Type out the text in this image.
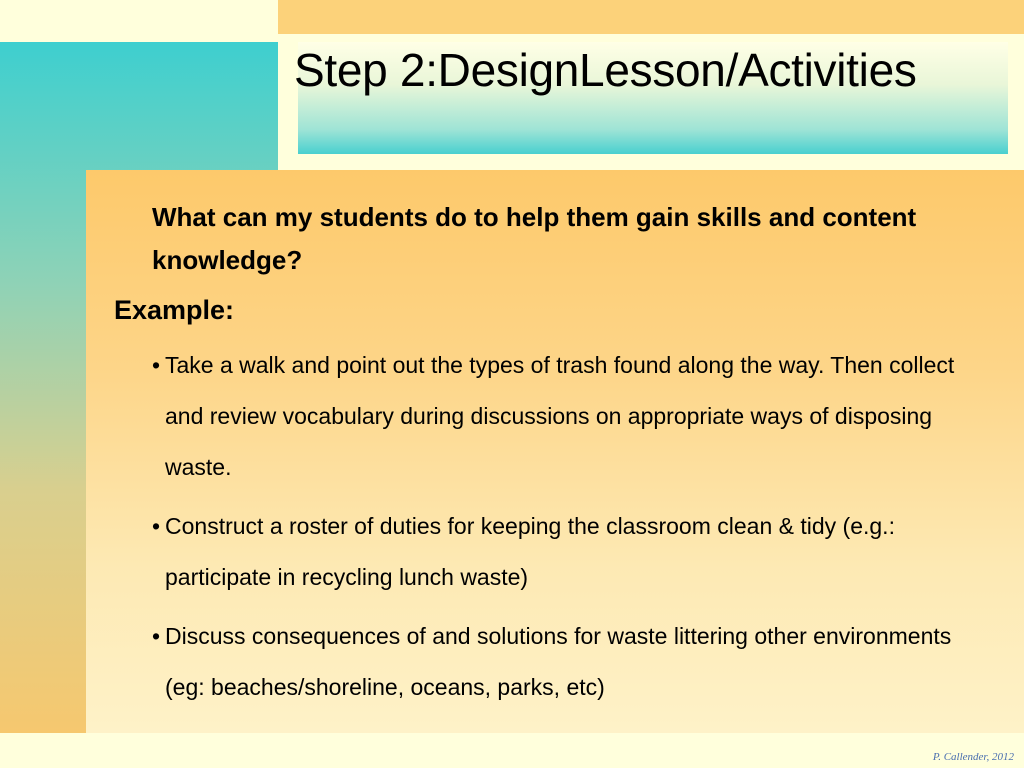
Step 2:DesignLesson/Activities

What can my students do to help them gain skills and content knowledge?

Example:

• Take a walk and point out the types of trash found along the way. Then collect and review vocabulary during discussions on appropriate ways of disposing waste.
• Construct a roster of duties for keeping the classroom clean & tidy (e.g.: participate in recycling lunch waste)
• Discuss consequences of and solutions for waste littering other environments (eg: beaches/shoreline, oceans, parks, etc)

P. Callender, 2012
